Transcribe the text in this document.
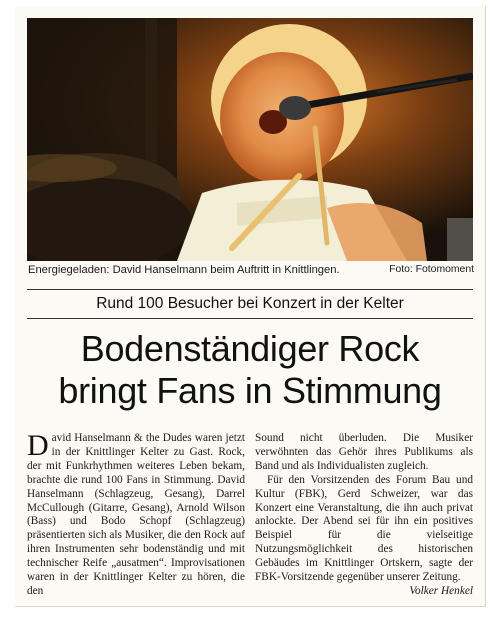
Energiegeladen: David Hanselmann beim Auftritt in Knittlingen.	Foto: Fotomoment
Rund 100 Besucher bei Konzert in der Kelter
Bodenständiger Rock
bringt Fans in Stimmung

David Hanselmann & the Dudes waren jetzt in der Knittlinger Kelter zu Gast. Rock, der mit Funkrhythmen weiteres Leben bekam, brachte die rund 100 Fans in Stimmung. David Hanselmann (Schlagzeug, Gesang), Darrel McCullough (Gitarre, Gesang), Arnold Wilson (Bass) und Bodo Schopf (Schlagzeug) präsentierten sich als Musiker, die den Rock auf ihren Instrumenten sehr bodenständig und mit technischer Reife „ausatmen“. Improvisationen waren in der Knittlinger Kelter zu hören, die den

Sound nicht überluden. Die Musiker verwöhnten das Gehör ihres Publikums als Band und als Individualisten zugleich.

Für den Vorsitzenden des Forum Bau und Kultur (FBK), Gerd Schweizer, war das Konzert eine Veranstaltung, die ihn auch privat anlockte. Der Abend sei für ihn ein positives Beispiel für die vielseitige Nutzungsmöglichkeit des historischen Gebäudes im Knittlinger Ortskern, sagte der FBK-Vorsitzende gegenüber unserer Zeitung.
Volker Henkel
